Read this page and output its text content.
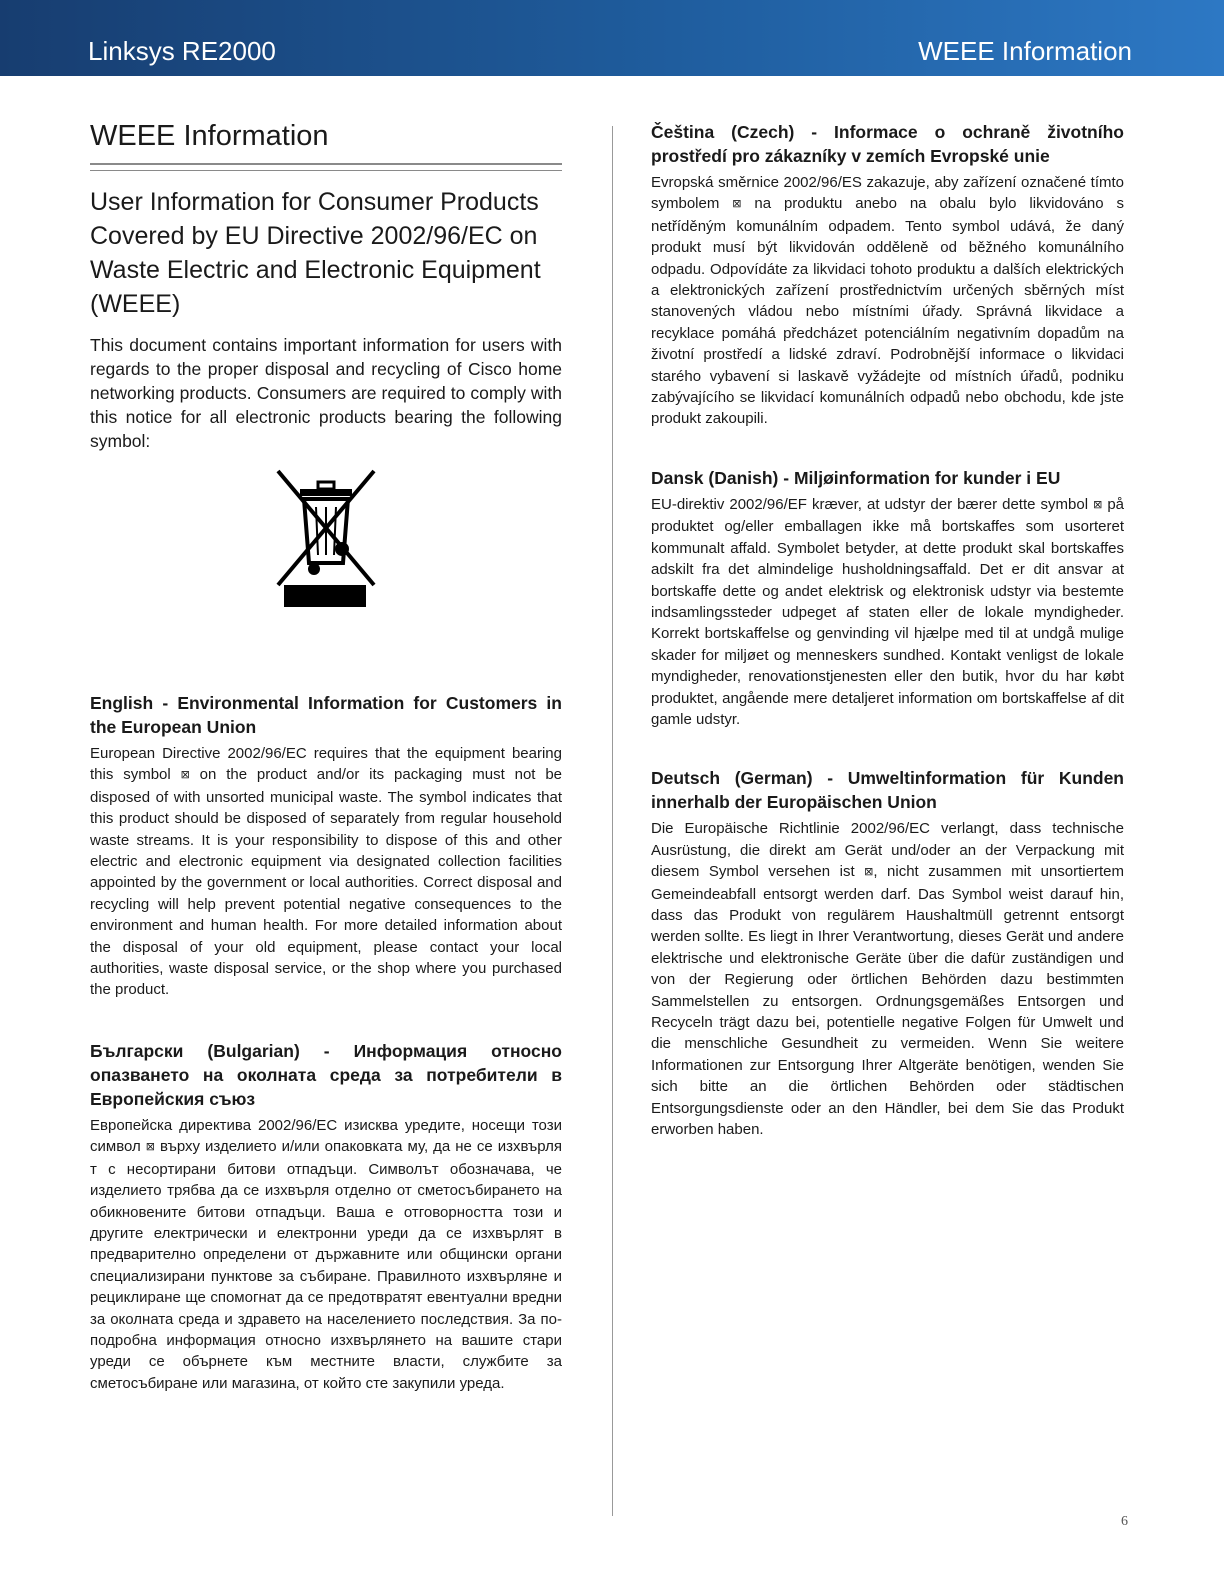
Linksys RE2000	WEEE Information
WEEE Information
User Information for Consumer Products Covered by EU Directive 2002/96/EC on Waste Electric and Electronic Equipment (WEEE)

This document contains important information for users with regards to the proper disposal and recycling of Cisco home networking products. Consumers are required to comply with this notice for all electronic products bearing the following symbol:

English - Environmental Information for Customers in the European Union

European Directive 2002/96/EC requires that the equipment bearing this symbol ⊠ on the product and/or its packaging must not be disposed of with unsorted municipal waste. The symbol indicates that this product should be disposed of separately from regular household waste streams. It is your responsibility to dispose of this and other electric and electronic equipment via designated collection facilities appointed by the government or local authorities. Correct disposal and recycling will help prevent potential negative consequences to the environment and human health. For more detailed information about the disposal of your old equipment, please contact your local authorities, waste disposal service, or the shop where you purchased the product.

Български (Bulgarian) - Информация относно опазването на околната среда за потребители в Европейския съюз

Европейска директива 2002/96/EC изисква уредите, носещи този символ ⊠ върху изделието и/или опаковката му, да не се изхвърля т с несортирани битови отпадъци. Символът обозначава, че изделието трябва да се изхвърля отделно от сметосъбирането на обикновените битови отпадъци. Ваша е отговорността този и другите електрически и електронни уреди да се изхвърлят в предварително определени от държавните или общински органи специализирани пунктове за събиране. Правилното изхвърляне и рециклиране ще спомогнат да се предотвратят евентуални вредни за околната среда и здравето на населението последствия. За по-подробна информация относно изхвърлянето на вашите стари уреди се обърнете към местните власти, службите за сметосъбиране или магазина, от който сте закупили уреда.

Čeština (Czech) - Informace o ochraně životního prostředí pro zákazníky v zemích Evropské unie

Evropská směrnice 2002/96/ES zakazuje, aby zařízení označené tímto symbolem ⊠ na produktu anebo na obalu bylo likvidováno s netříděným komunálním odpadem. Tento symbol udává, že daný produkt musí být likvidován odděleně od běžného komunálního odpadu. Odpovídáte za likvidaci tohoto produktu a dalších elektrických a elektronických zařízení prostřednictvím určených sběrných míst stanovených vládou nebo místními úřady. Správná likvidace a recyklace pomáhá předcházet potenciálním negativním dopadům na životní prostředí a lidské zdraví. Podrobnější informace o likvidaci starého vybavení si laskavě vyžádejte od místních úřadů, podniku zabývajícího se likvidací komunálních odpadů nebo obchodu, kde jste produkt zakoupili.

Dansk (Danish) - Miljøinformation for kunder i EU

EU-direktiv 2002/96/EF kræver, at udstyr der bærer dette symbol ⊠ på produktet og/eller emballagen ikke må bortskaffes som usorteret kommunalt affald. Symbolet betyder, at dette produkt skal bortskaffes adskilt fra det almindelige husholdningsaffald. Det er dit ansvar at bortskaffe dette og andet elektrisk og elektronisk udstyr via bestemte indsamlingssteder udpeget af staten eller de lokale myndigheder. Korrekt bortskaffelse og genvinding vil hjælpe med til at undgå mulige skader for miljøet og menneskers sundhed. Kontakt venligst de lokale myndigheder, renovationstjenesten eller den butik, hvor du har købt produktet, angående mere detaljeret information om bortskaffelse af dit gamle udstyr.

Deutsch (German) - Umweltinformation für Kunden innerhalb der Europäischen Union

Die Europäische Richtlinie 2002/96/EC verlangt, dass technische Ausrüstung, die direkt am Gerät und/oder an der Verpackung mit diesem Symbol versehen ist ⊠, nicht zusammen mit unsortiertem Gemeindeabfall entsorgt werden darf. Das Symbol weist darauf hin, dass das Produkt von regulärem Haushaltmüll getrennt entsorgt werden sollte. Es liegt in Ihrer Verantwortung, dieses Gerät und andere elektrische und elektronische Geräte über die dafür zuständigen und von der Regierung oder örtlichen Behörden dazu bestimmten Sammelstellen zu entsorgen. Ordnungsgemäßes Entsorgen und Recyceln trägt dazu bei, potentielle negative Folgen für Umwelt und die menschliche Gesundheit zu vermeiden. Wenn Sie weitere Informationen zur Entsorgung Ihrer Altgeräte benötigen, wenden Sie sich bitte an die örtlichen Behörden oder städtischen Entsorgungsdienste oder an den Händler, bei dem Sie das Produkt erworben haben.

6
